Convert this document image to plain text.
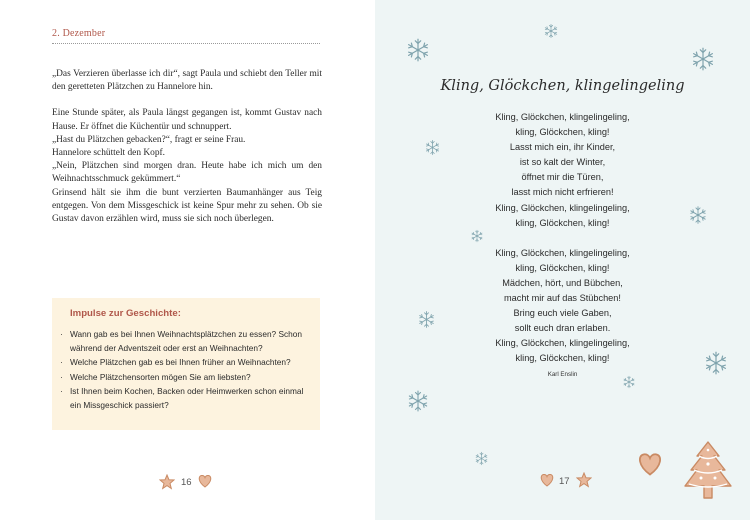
2. Dezember

„Das Verzieren überlasse ich dir“, sagt Paula und schiebt den Teller mit den geretteten Plätzchen zu Hannelore hin.

Eine Stunde später, als Paula längst gegangen ist, kommt Gustav nach Hause. Er öffnet die Küchentür und schnuppert.

„Hast du Plätzchen gebacken?“, fragt er seine Frau.

Hannelore schüttelt den Kopf.

„Nein, Plätzchen sind morgen dran. Heute habe ich mich um den Weihnachtsschmuck gekümmert.“

Grinsend hält sie ihm die bunt verzierten Baumanhänger aus Teig entgegen. Von dem Missgeschick ist keine Spur mehr zu sehen. Ob sie Gustav davon erzählen wird, muss sie sich noch überlegen.

Impulse zur Geschichte:
· Wann gab es bei Ihnen Weihnachtsplätzchen zu essen? Schon während der Adventszeit oder erst an Weihnachten?
· Welche Plätzchen gab es bei Ihnen früher an Weihnachten?
· Welche Plätzchensorten mögen Sie am liebsten?
· Ist Ihnen beim Kochen, Backen oder Heimwerken schon einmal ein Missgeschick passiert?
16
Kling, Glöckchen, klingelingeling
Kling, Glöckchen, klingelingeling,
kling, Glöckchen, kling!
Lasst mich ein, ihr Kinder,
ist so kalt der Winter,
öffnet mir die Türen,
lasst mich nicht erfrieren!
Kling, Glöckchen, klingelingeling,
kling, Glöckchen, kling!
Kling, Glöckchen, klingelingeling,
kling, Glöckchen, kling!
Mädchen, hört, und Bübchen,
macht mir auf das Stübchen!
Bring euch viele Gaben,
sollt euch dran erlaben.
Kling, Glöckchen, klingelingeling,
kling, Glöckchen, kling!
Karl Enslin
17
